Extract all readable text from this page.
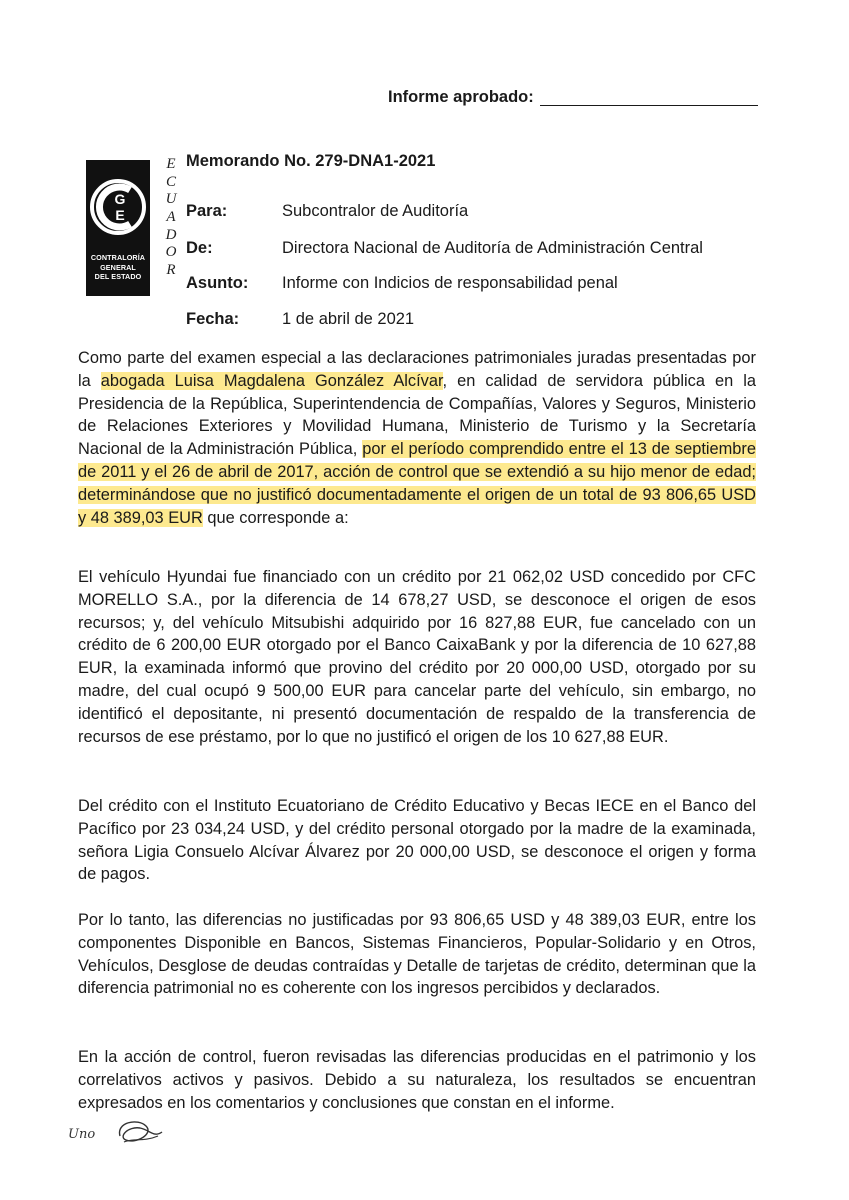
Informe aprobado:
G
E
CONTRALORÍA
GENERAL
DEL ESTADO
E
C
U
A
D
O
R
Memorando No. 279-DNA1-2021
Para:	Subcontralor de Auditoría
De:	Directora Nacional de Auditoría de Administración Central
Asunto: Informe con Indicios de responsabilidad penal
Fecha:	1 de abril de 2021

Como parte del examen especial a las declaraciones patrimoniales juradas presentadas por la abogada Luisa Magdalena González Alcívar, en calidad de servidora pública en la Presidencia de la República, Superintendencia de Compañías, Valores y Seguros, Ministerio de Relaciones Exteriores y Movilidad Humana, Ministerio de Turismo y la Secretaría Nacional de la Administración Pública, por el período comprendido entre el 13 de septiembre de 2011 y el 26 de abril de 2017, acción de control que se extendió a su hijo menor de edad; determinándose que no justificó documentadamente el origen de un total de 93 806,65 USD y 48 389,03 EUR que corresponde a:

El vehículo Hyundai fue financiado con un crédito por 21 062,02 USD concedido por CFC MORELLO S.A., por la diferencia de 14 678,27 USD, se desconoce el origen de esos recursos; y, del vehículo Mitsubishi adquirido por 16 827,88 EUR, fue cancelado con un crédito de 6 200,00 EUR otorgado por el Banco CaixaBank y por la diferencia de 10 627,88 EUR, la examinada informó que provino del crédito por 20 000,00 USD, otorgado por su madre, del cual ocupó 9 500,00 EUR para cancelar parte del vehículo, sin embargo, no identificó el depositante, ni presentó documentación de respaldo de la transferencia de recursos de ese préstamo, por lo que no justificó el origen de los 10 627,88 EUR.

Del crédito con el Instituto Ecuatoriano de Crédito Educativo y Becas IECE en el Banco del Pacífico por 23 034,24 USD, y del crédito personal otorgado por la madre de la examinada, señora Ligia Consuelo Alcívar Álvarez por 20 000,00 USD, se desconoce el origen y forma de pagos.

Por lo tanto, las diferencias no justificadas por 93 806,65 USD y 48 389,03 EUR, entre los componentes Disponible en Bancos, Sistemas Financieros, Popular-Solidario y en Otros, Vehículos, Desglose de deudas contraídas y Detalle de tarjetas de crédito, determinan que la diferencia patrimonial no es coherente con los ingresos percibidos y declarados.

En la acción de control, fueron revisadas las diferencias producidas en el patrimonio y los correlativos activos y pasivos. Debido a su naturaleza, los resultados se encuentran expresados en los comentarios y conclusiones que constan en el informe.

Uno
